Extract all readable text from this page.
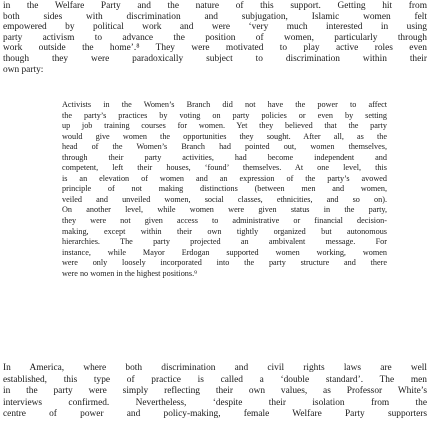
in the Welfare Party and the nature of this support. Getting hit from
both sides with discrimination and subjugation, Islamic women felt
empowered by political work and were ‘very much interested in using
party activism to advance the position of women, particularly through
work outside the home’.⁸ They were motivated to play active roles even
though they were paradoxically subject to discrimination within their
own party:
Activists in the Women’s Branch did not have the power to affect
the party’s practices by voting on party policies or even by setting
up job training courses for women. Yet they believed that the party
would give women the opportunities they sought. After all, as the
head of the Women’s Branch had pointed out, women themselves,
through their party activities, had become independent and
competent, left their houses, ‘found’ themselves. At one level, this
is an elevation of women and an expression of the party’s avowed
principle of not making distinctions (between men and women,
veiled and unveiled women, social classes, ethnicities, and so on).
On another level, while women were given status in the party,
they were not given access to administrative or financial decision-
making, except within their own tightly organized but autonomous
hierarchies. The party projected an ambivalent message. For
instance, while Mayor Erdogan supported women working, women
were only loosely incorporated into the party structure and there
were no women in the highest positions.⁹
In America, where both discrimination and civil rights laws are well
established, this type of practice is called a ‘double standard’. The men
in the party were simply reflecting their own values, as Professor White’s
interviews confirmed. Nevertheless, ‘despite their isolation from the
centre of power and policy-making, female Welfare Party supporters
